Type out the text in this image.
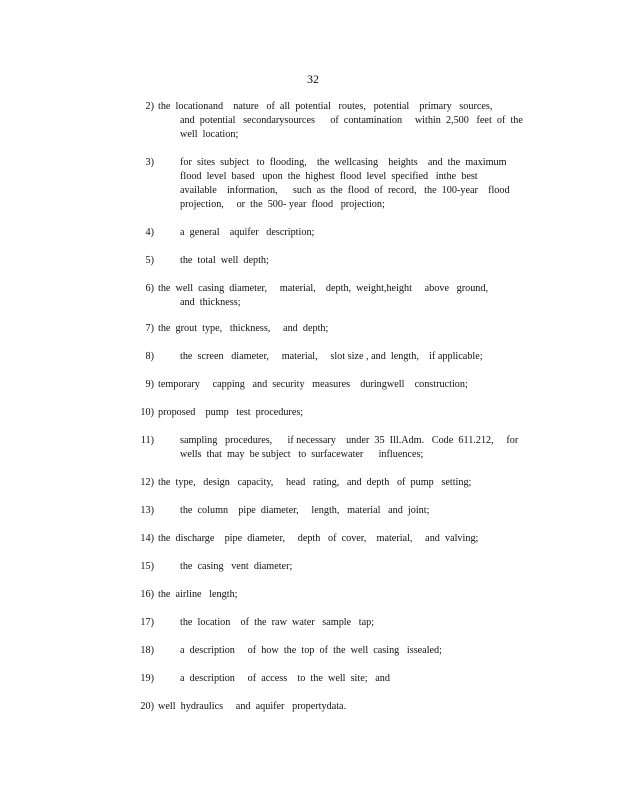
32
2) the  locationand    nature   of  all  potential   routes,   potential    primary   sources,
and  potential   secondarysources      of  contamination     within  2,500   feet  of  the
well  location;
3)	for  sites  subject   to  flooding,    the  wellcasing    heights    and  the  maximum
flood  level  based   upon  the  highest  flood  level  specified   inthe  best
available    information,      such  as  the  flood  of  record,   the  100-year    flood
projection,     or  the  500- year  flood   projection;
4)	a  general    aquifer   description;
5)	the  total  well  depth;
6) the  well  casing  diameter,     material,    depth,  weight,height     above   ground,
and  thickness;
7) the  grout  type,   thickness,     and  depth;
8)	the  screen   diameter,     material,     slot size , and  length,    if applicable;
9) temporary     capping   and  security   measures    duringwell    construction;
10) proposed    pump   test  procedures;
11)	sampling   procedures,      if necessary    under  35  Ill.Adm.   Code  611.212,     for
wells  that  may  be subject   to  surfacewater      influences;
12) the  type,   design   capacity,     head   rating,   and  depth   of  pump   setting;
13)	the  column    pipe  diameter,     length,   material   and  joint;
14) the  discharge    pipe  diameter,     depth   of  cover,    material,     and  valving;
15)	the  casing   vent  diameter;
16) the  airline   length;
17)	the  location    of  the  raw  water   sample   tap;
18)	a  description     of  how  the  top  of  the  well  casing   issealed;
19)	a  description     of  access    to  the  well  site;   and
20) well  hydraulics     and  aquifer   propertydata.
